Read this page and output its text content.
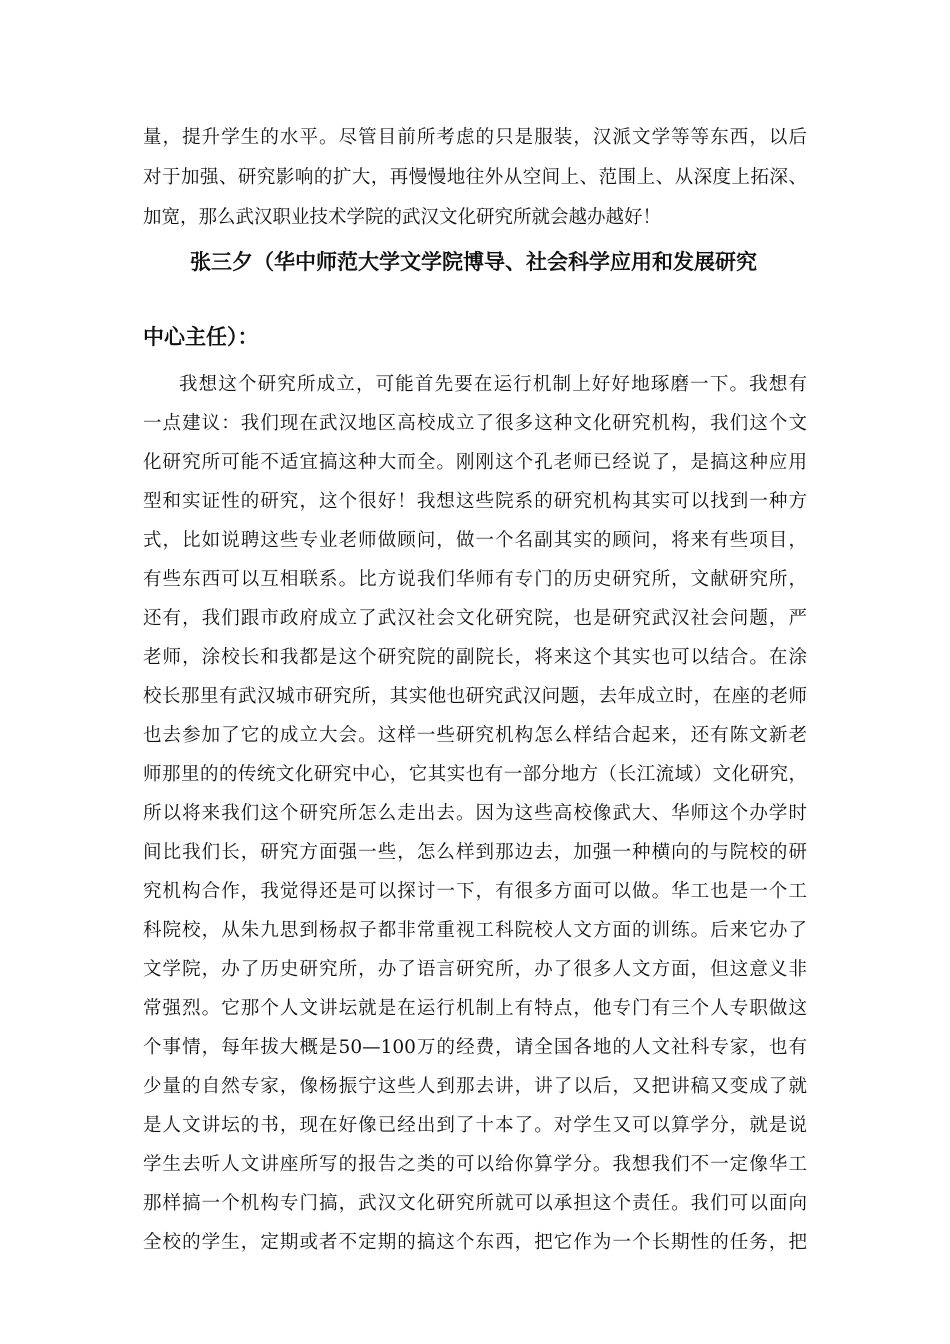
量，提升学生的水平。尽管目前所考虑的只是服装，汉派文学等等东西，以后
对于加强、研究影响的扩大，再慢慢地往外从空间上、范围上、从深度上拓深、
加宽，那么武汉职业技术学院的武汉文化研究所就会越办越好！
张三夕（华中师范大学文学院博导、社会科学应用和发展研究
中心主任）：
我想这个研究所成立，可能首先要在运行机制上好好地琢磨一下。我想有
一点建议：我们现在武汉地区高校成立了很多这种文化研究机构，我们这个文
化研究所可能不适宜搞这种大而全。刚刚这个孔老师已经说了，是搞这种应用
型和实证性的研究，这个很好！我想这些院系的研究机构其实可以找到一种方
式，比如说聘这些专业老师做顾问，做一个名副其实的顾问，将来有些项目，
有些东西可以互相联系。比方说我们华师有专门的历史研究所，文献研究所，
还有，我们跟市政府成立了武汉社会文化研究院，也是研究武汉社会问题，严
老师，涂校长和我都是这个研究院的副院长，将来这个其实也可以结合。在涂
校长那里有武汉城市研究所，其实他也研究武汉问题，去年成立时，在座的老师
也去参加了它的成立大会。这样一些研究机构怎么样结合起来，还有陈文新老
师那里的的传统文化研究中心，它其实也有一部分地方（长江流域）文化研究，
所以将来我们这个研究所怎么走出去。因为这些高校像武大、华师这个办学时
间比我们长，研究方面强一些，怎么样到那边去，加强一种横向的与院校的研
究机构合作，我觉得还是可以探讨一下，有很多方面可以做。华工也是一个工
科院校，从朱九思到杨叔子都非常重视工科院校人文方面的训练。后来它办了
文学院，办了历史研究所，办了语言研究所，办了很多人文方面，但这意义非
常强烈。它那个人文讲坛就是在运行机制上有特点，他专门有三个人专职做这
个事情，每年拔大概是50—100万的经费，请全国各地的人文社科专家，也有
少量的自然专家，像杨振宁这些人到那去讲，讲了以后，又把讲稿又变成了就
是人文讲坛的书，现在好像已经出到了十本了。对学生又可以算学分，就是说
学生去听人文讲座所写的报告之类的可以给你算学分。我想我们不一定像华工
那样搞一个机构专门搞，武汉文化研究所就可以承担这个责任。我们可以面向
全校的学生，定期或者不定期的搞这个东西，把它作为一个长期性的任务，把
